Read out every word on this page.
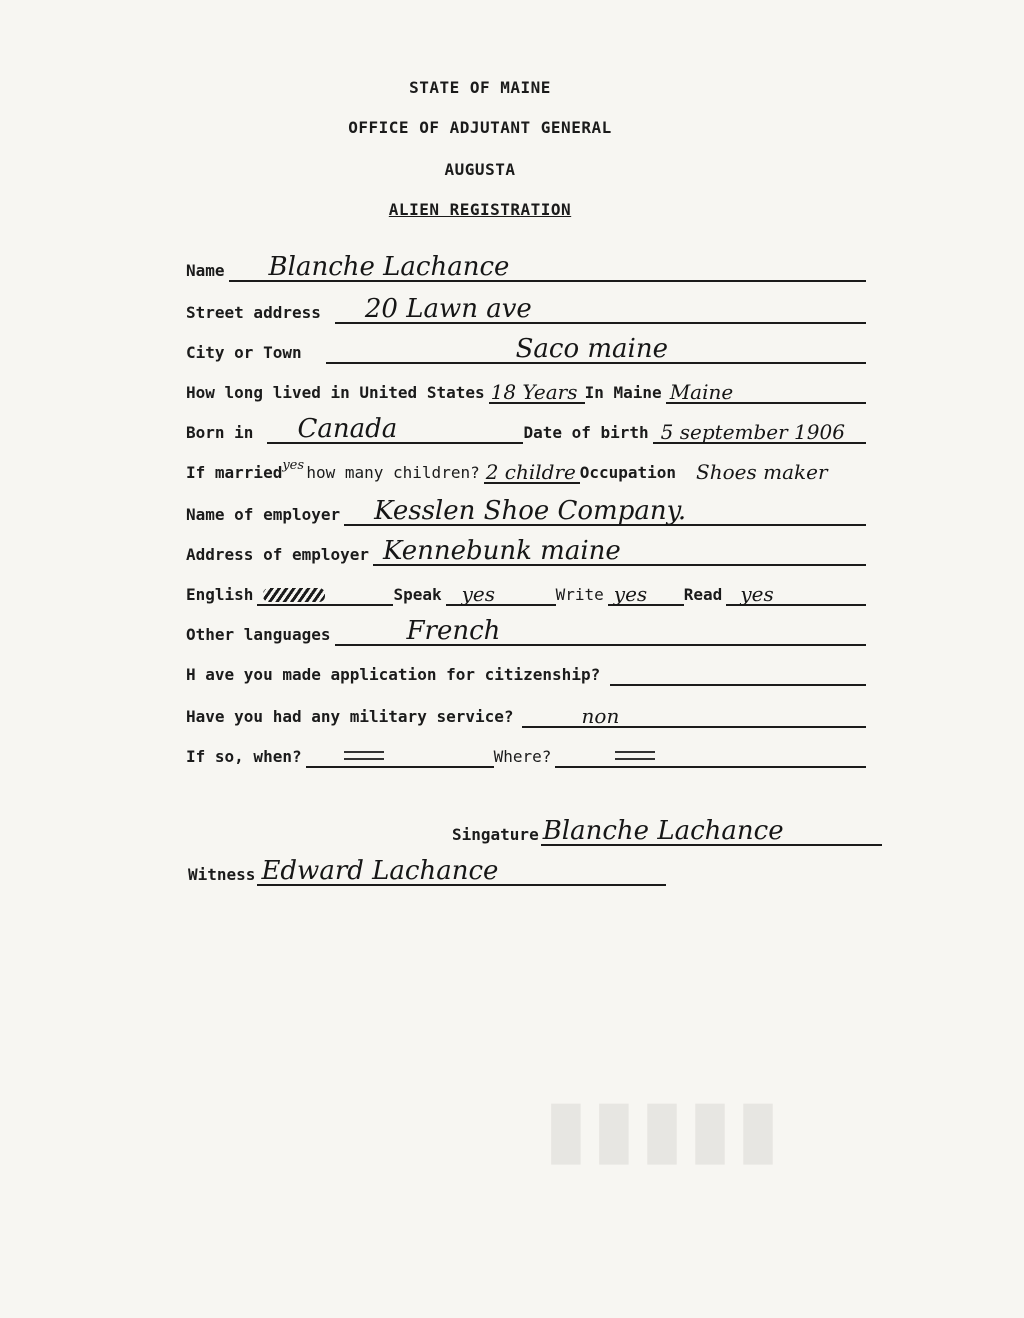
STATE OF MAINE
OFFICE OF ADJUTANT GENERAL
AUGUSTA
ALIEN REGISTRATION
Name Blanche Lachance
Street address 20 Lawn ave
City or Town	Saco maine
How long lived in United States 18 Years In Maine Maine
Born in Canada	Date of birth 5 september 1906
If married yes how many children? 2 childre Occupation Shoes maker
Name of employer Kesslen Shoe Company.
Address of employer Kennebunk maine
English	Speak yes	Write yes Read yes
Other languages	French
H ave you made application for citizenship?
Have you had any military service?	non
If so, when?	Where?
Singature Blanche Lachance
Witness Edward Lachance
▮▮▮▮▮
